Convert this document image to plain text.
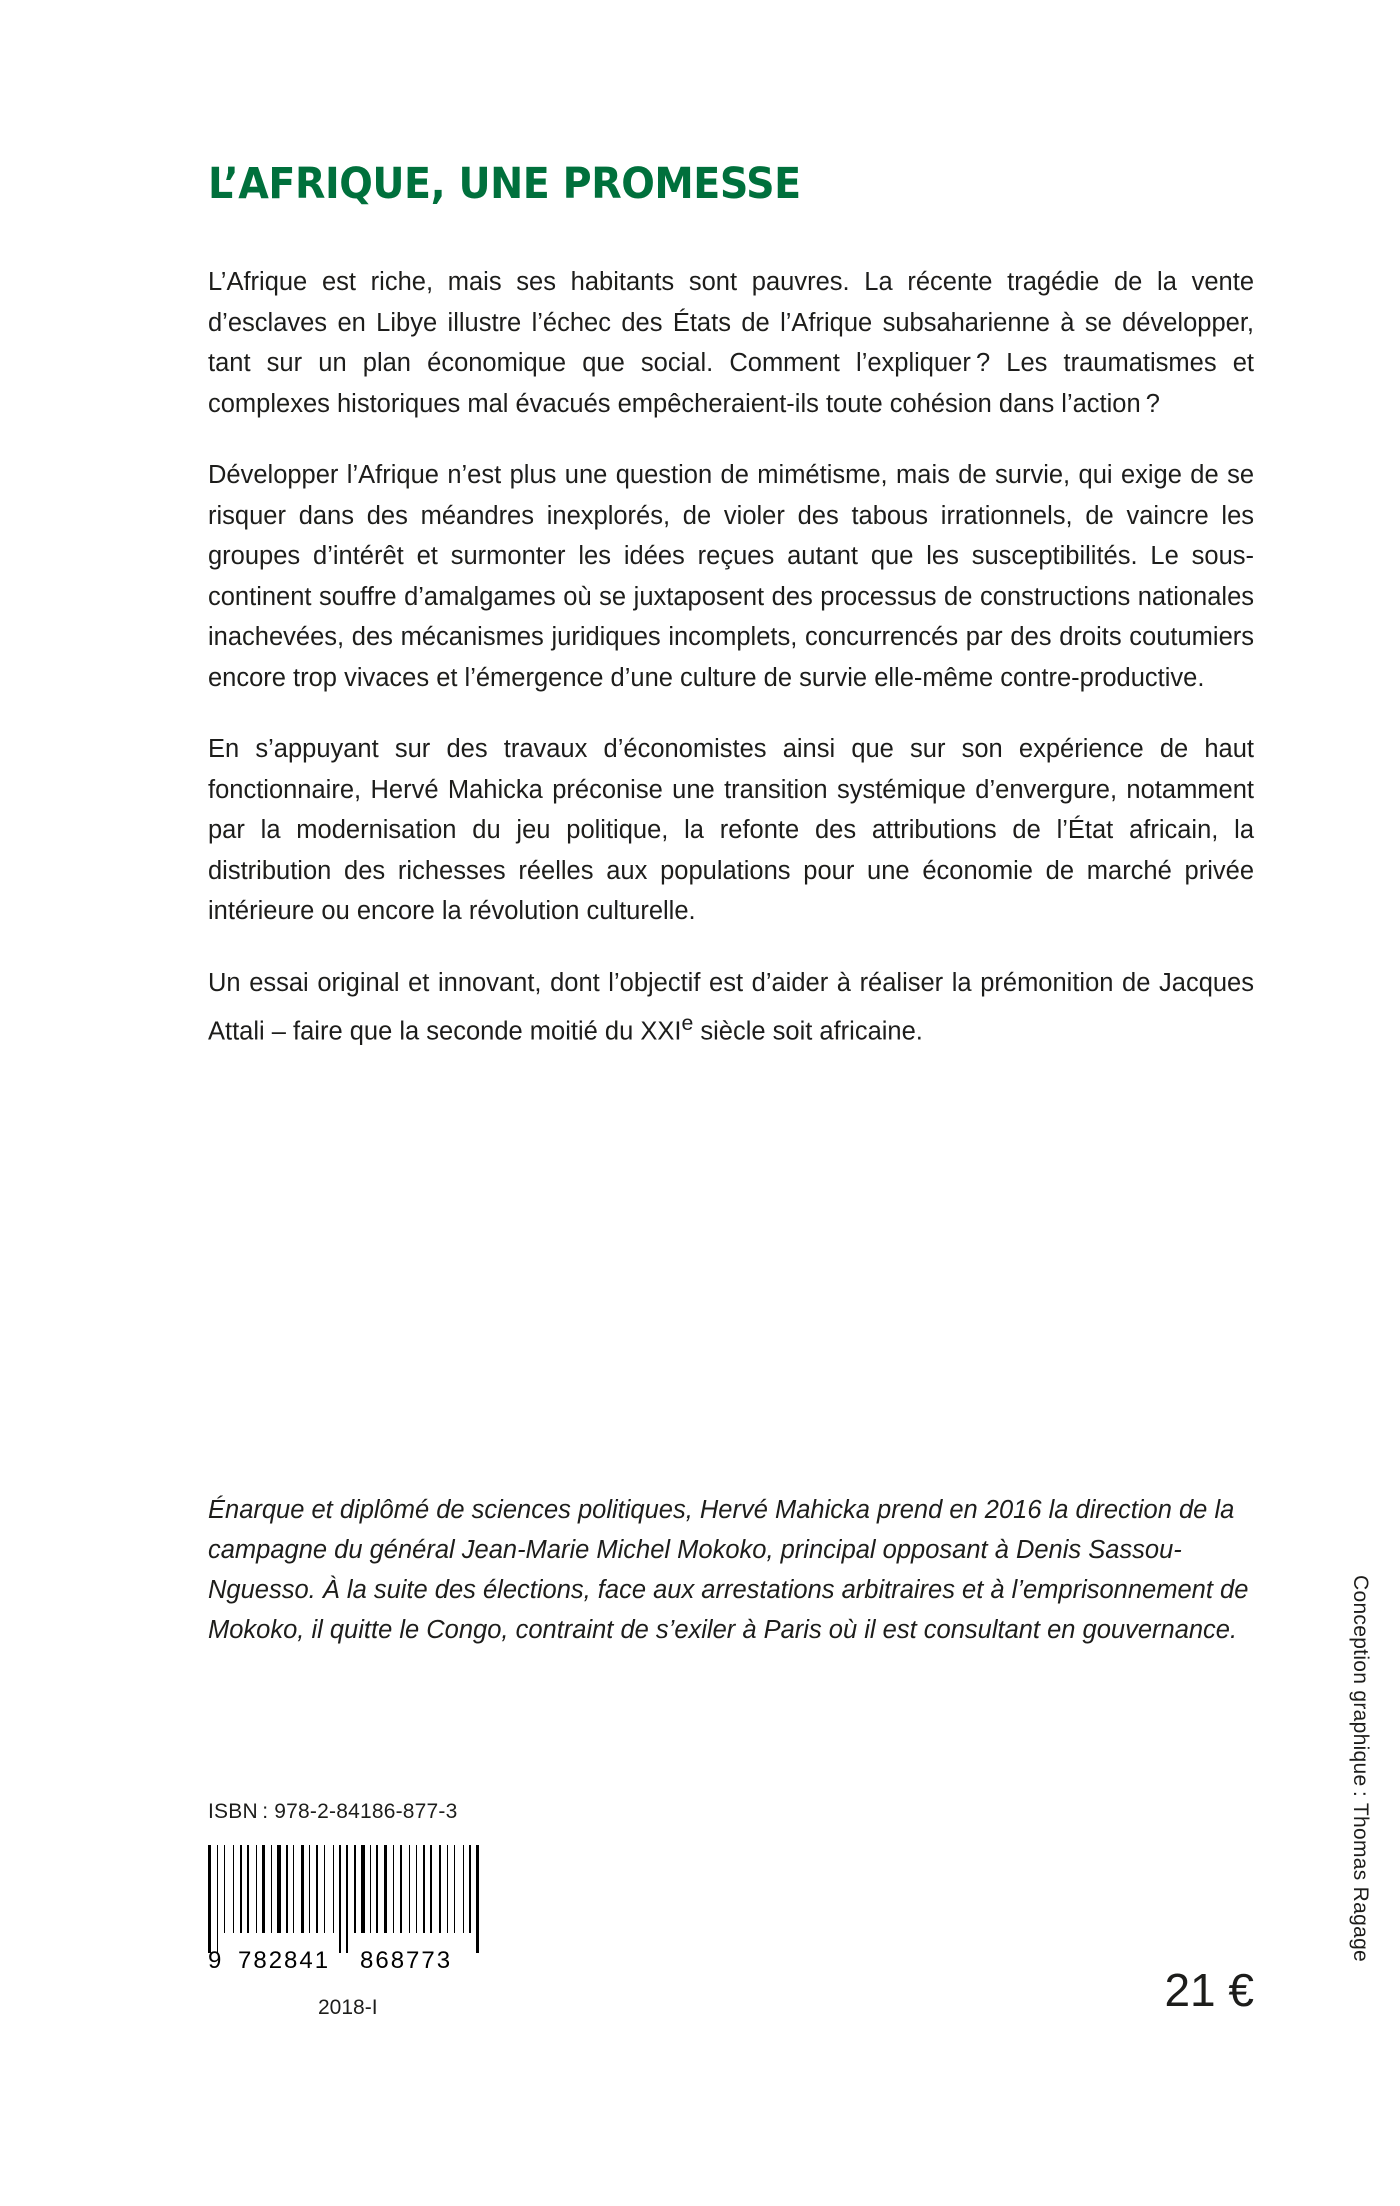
L’AFRIQUE, UNE PROMESSE

L’Afrique est riche, mais ses habitants sont pauvres. La récente tragédie de la vente d’esclaves en Libye illustre l’échec des États de l’Afrique subsaharienne à se développer, tant sur un plan économique que social. Comment l’expliquer ? Les traumatismes et complexes historiques mal évacués empêcheraient-ils toute cohésion dans l’action ?

Développer l’Afrique n’est plus une question de mimétisme, mais de survie, qui exige de se risquer dans des méandres inexplorés, de violer des tabous irrationnels, de vaincre les groupes d’intérêt et surmonter les idées reçues autant que les susceptibilités. Le sous-continent souffre d’amalgames où se juxtaposent des processus de constructions nationales inachevées, des mécanismes juridiques incomplets, concurrencés par des droits coutumiers encore trop vivaces et l’émergence d’une culture de survie elle-même contre-productive.

En s’appuyant sur des travaux d’économistes ainsi que sur son expérience de haut fonctionnaire, Hervé Mahicka préconise une transition systémique d’envergure, notamment par la modernisation du jeu politique, la refonte des attributions de l’État africain, la distribution des richesses réelles aux populations pour une économie de marché privée intérieure ou encore la révolution culturelle.

Un essai original et innovant, dont l’objectif est d’aider à réaliser la prémonition de Jacques Attali – faire que la seconde moitié du XXIe siècle soit africaine.

Énarque et diplômé de sciences politiques, Hervé Mahicka prend en 2016 la direction de la campagne du général Jean-Marie Michel Mokoko, principal opposant à Denis Sassou-Nguesso. À la suite des élections, face aux arrestations arbitraires et à l’emprisonnement de Mokoko, il quitte le Congo, contraint de s’exiler à Paris où il est consultant en gouvernance.

ISBN : 978-2-84186-877-3
9 782841 868773
2018-I	21 €
Conception graphique : Thomas Ragage
